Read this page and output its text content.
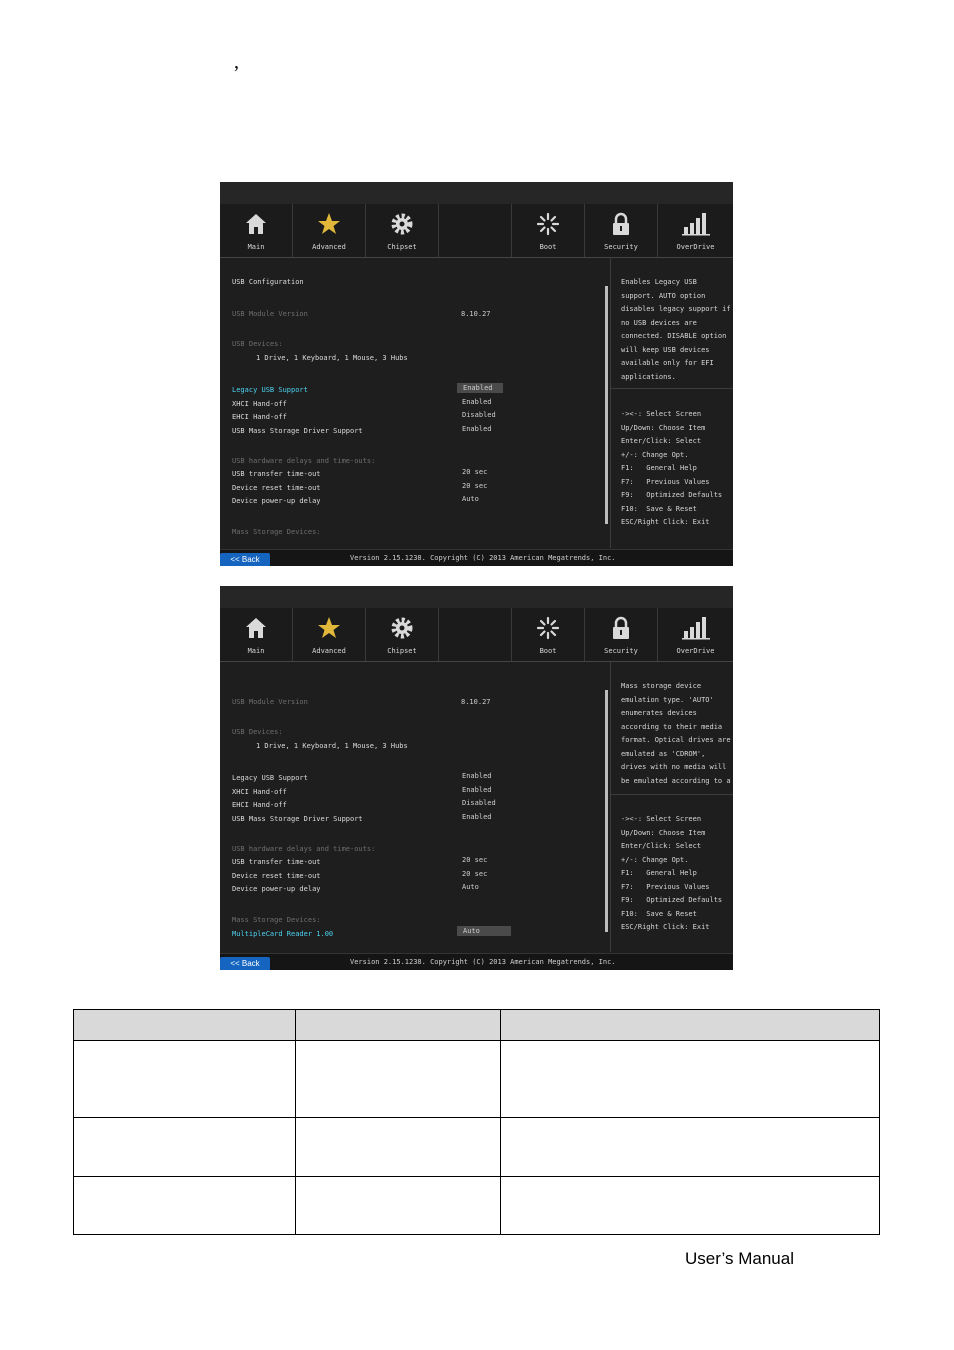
’
Main	Advanced	Chipset	Boot	Security	OverDrive
USB Configuration
USB Module Version	8.10.27
USB Devices:
1 Drive, 1 Keyboard, 1 Mouse, 3 Hubs
Legacy USB Support	Enabled
XHCI Hand-off	Enabled
EHCI Hand-off	Disabled
USB Mass Storage Driver Support	Enabled
USB hardware delays and time-outs:
USB transfer time-out	20 sec
Device reset time-out	20 sec
Device power-up delay	Auto
Mass Storage Devices:
Enables Legacy USB support. AUTO option disables legacy support if no USB devices are connected. DISABLE option will keep USB devices available only for EFI applications.
-><-: Select Screen
Up/Down: Choose Item
Enter/Click: Select
+/-: Change Opt.
F1:   General Help
F7:   Previous Values
F9:   Optimized Defaults
F10:  Save & Reset
ESC/Right Click: Exit
<< Back	Version 2.15.1238. Copyright (C) 2013 American Megatrends, Inc.
Main	Advanced	Chipset	Boot	Security	OverDrive
USB Module Version	8.10.27
USB Devices:
1 Drive, 1 Keyboard, 1 Mouse, 3 Hubs
Legacy USB Support	Enabled
XHCI Hand-off	Enabled
EHCI Hand-off	Disabled
USB Mass Storage Driver Support	Enabled
USB hardware delays and time-outs:
USB transfer time-out	20 sec
Device reset time-out	20 sec
Device power-up delay	Auto
Mass Storage Devices:
MultipleCard Reader 1.00	Auto
Mass storage device emulation type. 'AUTO' enumerates devices according to their media format. Optical drives are emulated as 'CDROM', drives with no media will be emulated according to a
-><-: Select Screen
Up/Down: Choose Item
Enter/Click: Select
+/-: Change Opt.
F1:   General Help
F7:   Previous Values
F9:   Optimized Defaults
F10:  Save & Reset
ESC/Right Click: Exit
<< Back	Version 2.15.1238. Copyright (C) 2013 American Megatrends, Inc.

User’s Manual
